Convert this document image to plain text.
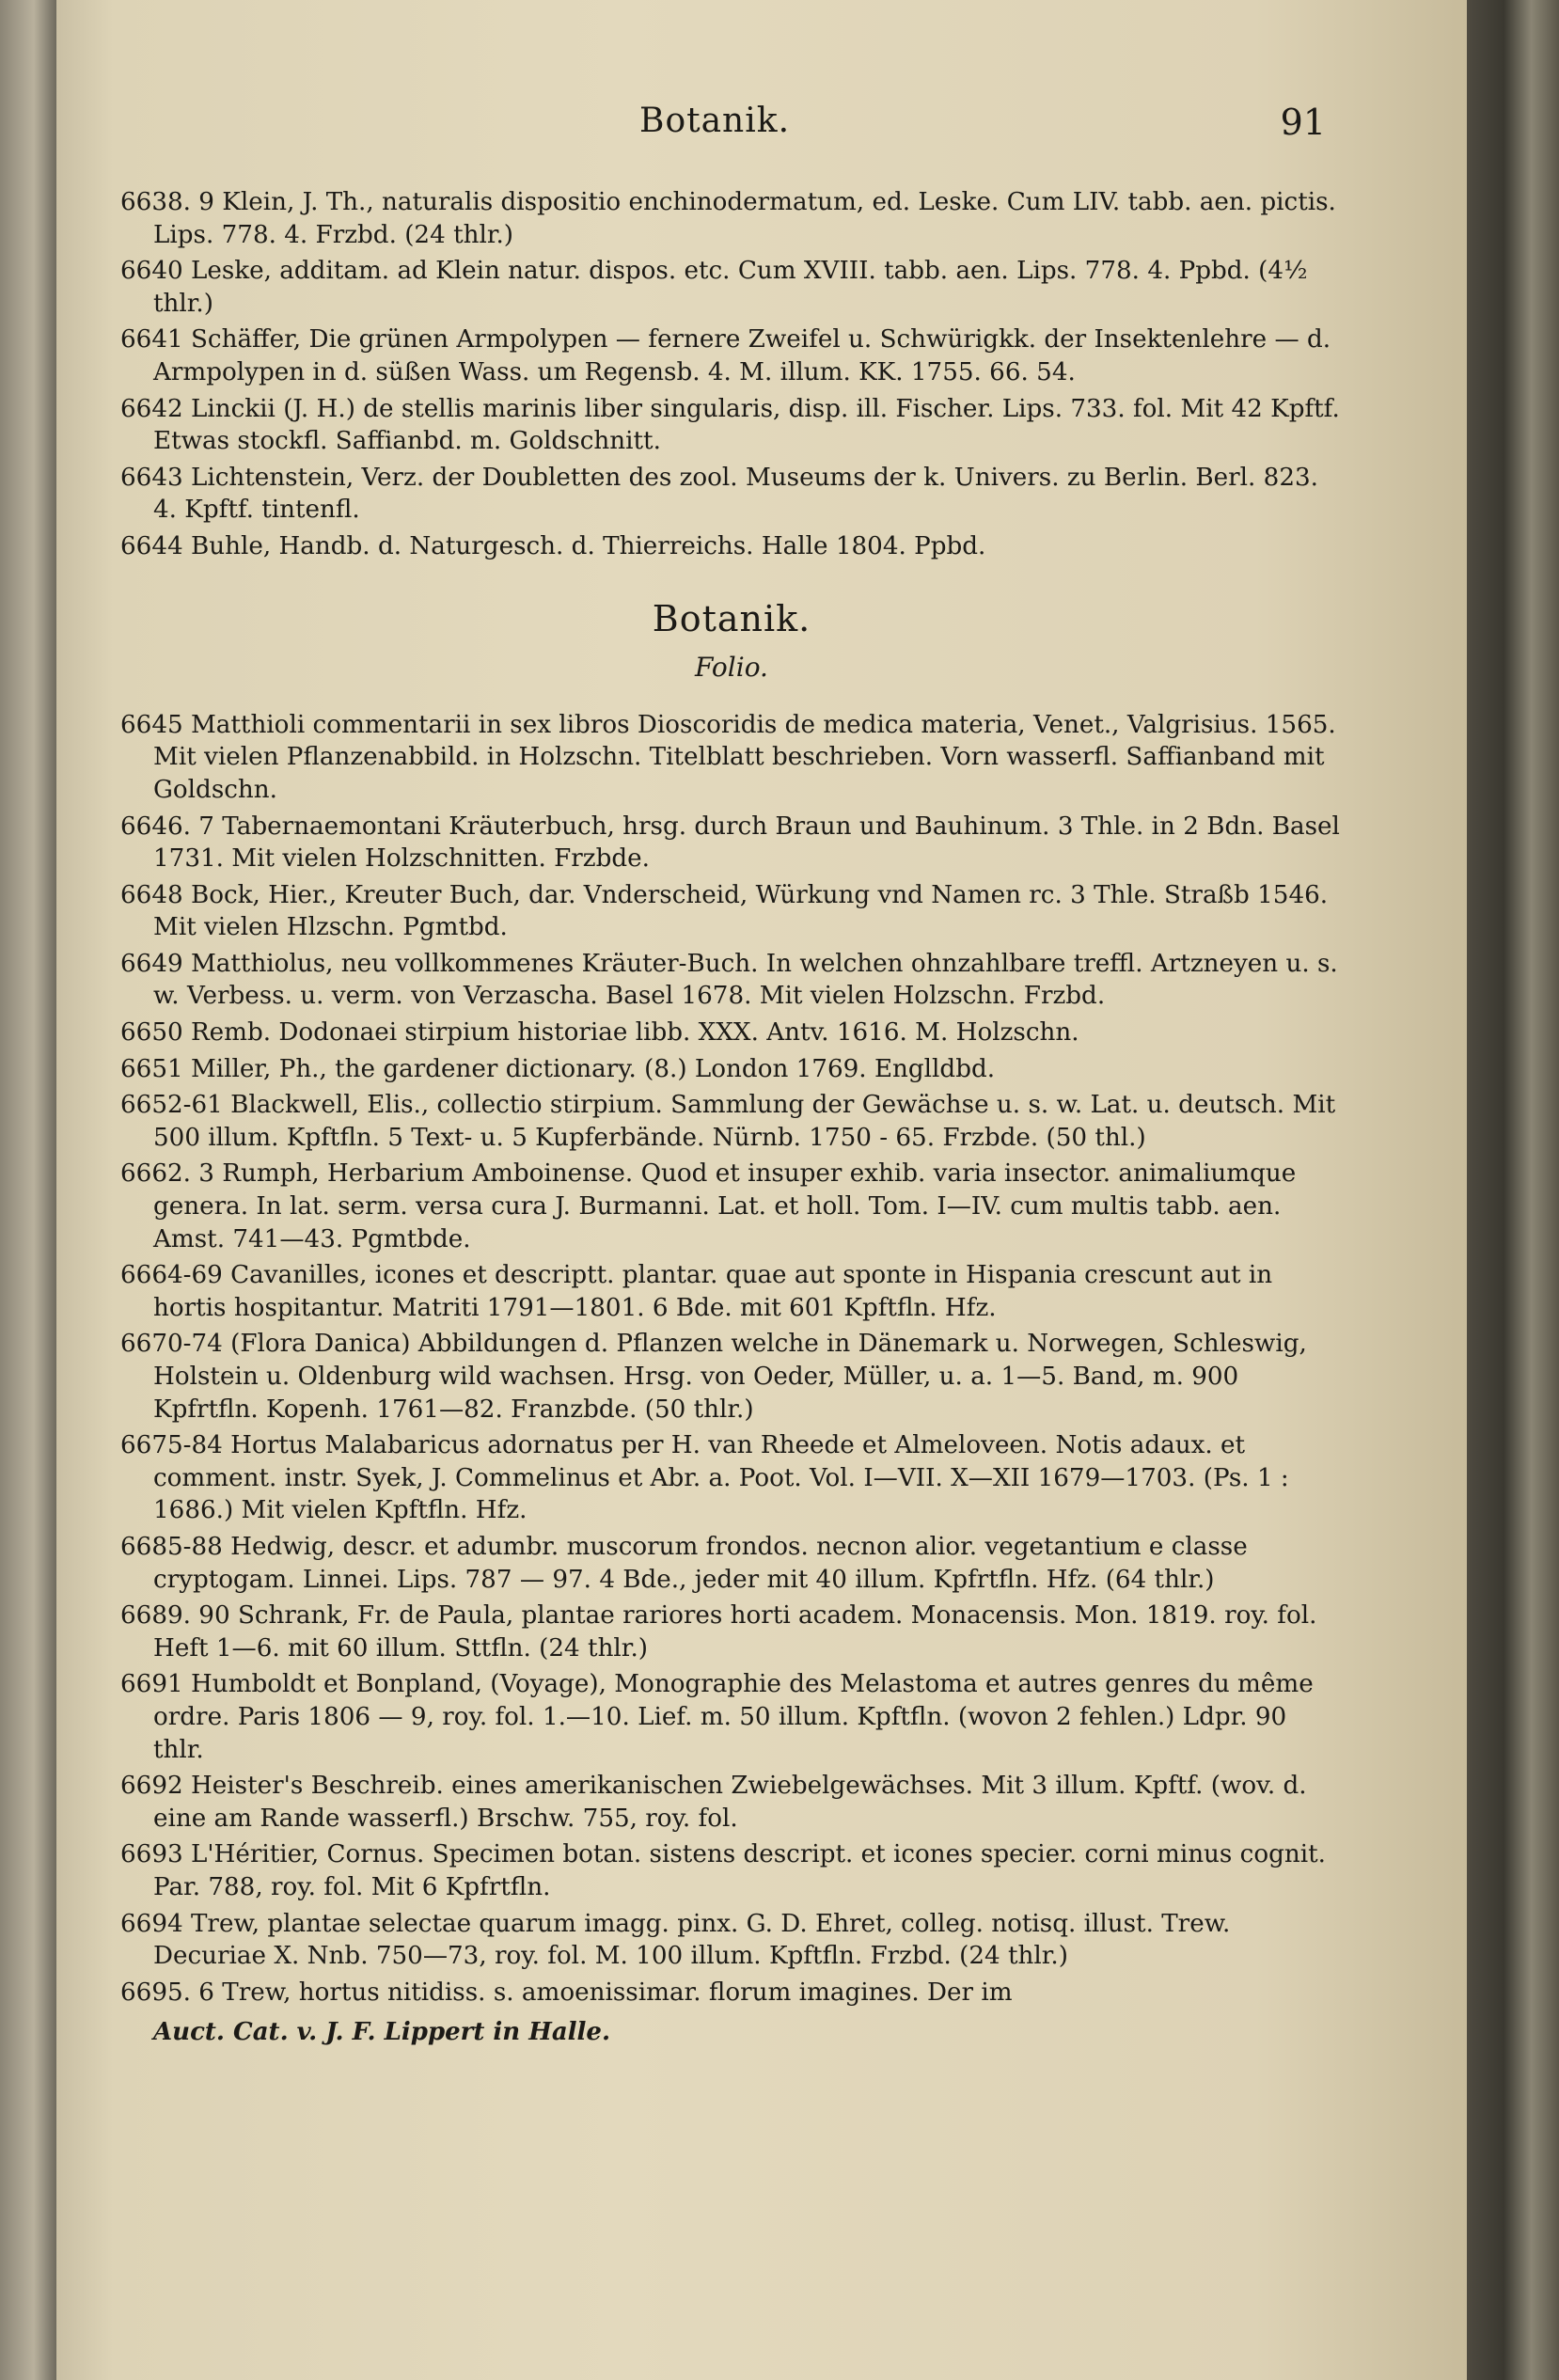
Botanik.	91

6638. 9 Klein, J. Th., naturalis dispositio enchinodermatum, ed. Leske. Cum LIV. tabb. aen. pictis. Lips. 778. 4. Frzbd. (24 thlr.)

6640 Leske, additam. ad Klein natur. dispos. etc. Cum XVIII. tabb. aen. Lips. 778. 4. Ppbd. (4½ thlr.)

6641 Schäffer, Die grünen Armpolypen — fernere Zweifel u. Schwürigkk. der Insektenlehre — d. Armpolypen in d. süßen Wass. um Regensb. 4. M. illum. KK. 1755. 66. 54.

6642 Linckii (J. H.) de stellis marinis liber singularis, disp. ill. Fischer. Lips. 733. fol. Mit 42 Kpftf. Etwas stockfl. Saffianbd. m. Goldschnitt.

6643 Lichtenstein, Verz. der Doubletten des zool. Museums der k. Univers. zu Berlin. Berl. 823. 4. Kpftf. tintenfl.

6644 Buhle, Handb. d. Naturgesch. d. Thierreichs. Halle 1804. Ppbd.

Botanik.
Folio.

6645 Matthioli commentarii in sex libros Dioscoridis de medica materia, Venet., Valgrisius. 1565. Mit vielen Pflanzenabbild. in Holzschn. Titelblatt beschrieben. Vorn wasserfl. Saffianband mit Goldschn.

6646. 7 Tabernaemontani Kräuterbuch, hrsg. durch Braun und Bauhinum. 3 Thle. in 2 Bdn. Basel 1731. Mit vielen Holzschnitten. Frzbde.

6648 Bock, Hier., Kreuter Buch, dar. Vnderscheid, Würkung vnd Namen rc. 3 Thle. Straßb 1546. Mit vielen Hlzschn. Pgmtbd.

6649 Matthiolus, neu vollkommenes Kräuter-Buch. In welchen ohnzahlbare treffl. Artzneyen u. s. w. Verbess. u. verm. von Verzascha. Basel 1678. Mit vielen Holzschn. Frzbd.

6650 Remb. Dodonaei stirpium historiae libb. XXX. Antv. 1616. M. Holzschn.

6651 Miller, Ph., the gardener dictionary. (8.) London 1769. Englldbd.

6652-61 Blackwell, Elis., collectio stirpium. Sammlung der Gewächse u. s. w. Lat. u. deutsch. Mit 500 illum. Kpftfln. 5 Text- u. 5 Kupferbände. Nürnb. 1750 - 65. Frzbde. (50 thl.)

6662. 3 Rumph, Herbarium Amboinense. Quod et insuper exhib. varia insector. animaliumque genera. In lat. serm. versa cura J. Burmanni. Lat. et holl. Tom. I—IV. cum multis tabb. aen. Amst. 741—43. Pgmtbde.

6664-69 Cavanilles, icones et descriptt. plantar. quae aut sponte in Hispania crescunt aut in hortis hospitantur. Matriti 1791—1801. 6 Bde. mit 601 Kpftfln. Hfz.

6670-74 (Flora Danica) Abbildungen d. Pflanzen welche in Dänemark u. Norwegen, Schleswig, Holstein u. Oldenburg wild wachsen. Hrsg. von Oeder, Müller, u. a. 1—5. Band, m. 900 Kpfrtfln. Kopenh. 1761—82. Franzbde. (50 thlr.)

6675-84 Hortus Malabaricus adornatus per H. van Rheede et Almeloveen. Notis adaux. et comment. instr. Syek, J. Commelinus et Abr. a. Poot. Vol. I—VII. X—XII 1679—1703. (Ps. 1 : 1686.) Mit vielen Kpftfln. Hfz.

6685-88 Hedwig, descr. et adumbr. muscorum frondos. necnon alior. vegetantium e classe cryptogam. Linnei. Lips. 787 — 97. 4 Bde., jeder mit 40 illum. Kpfrtfln. Hfz. (64 thlr.)

6689. 90 Schrank, Fr. de Paula, plantae rariores horti academ. Monacensis. Mon. 1819. roy. fol. Heft 1—6. mit 60 illum. Sttfln. (24 thlr.)

6691 Humboldt et Bonpland, (Voyage), Monographie des Melastoma et autres genres du même ordre. Paris 1806 — 9, roy. fol. 1.—10. Lief. m. 50 illum. Kpftfln. (wovon 2 fehlen.) Ldpr. 90 thlr.

6692 Heister's Beschreib. eines amerikanischen Zwiebelgewächses. Mit 3 illum. Kpftf. (wov. d. eine am Rande wasserfl.) Brschw. 755, roy. fol.

6693 L'Héritier, Cornus. Specimen botan. sistens descript. et icones specier. corni minus cognit. Par. 788, roy. fol. Mit 6 Kpfrtfln.

6694 Trew, plantae selectae quarum imagg. pinx. G. D. Ehret, colleg. notisq. illust. Trew. Decuriae X. Nnb. 750—73, roy. fol. M. 100 illum. Kpftfln. Frzbd. (24 thlr.)

6695. 6 Trew, hortus nitidiss. s. amoenissimar. florum imagines. Der im

Auct. Cat. v. J. F. Lippert in Halle.
